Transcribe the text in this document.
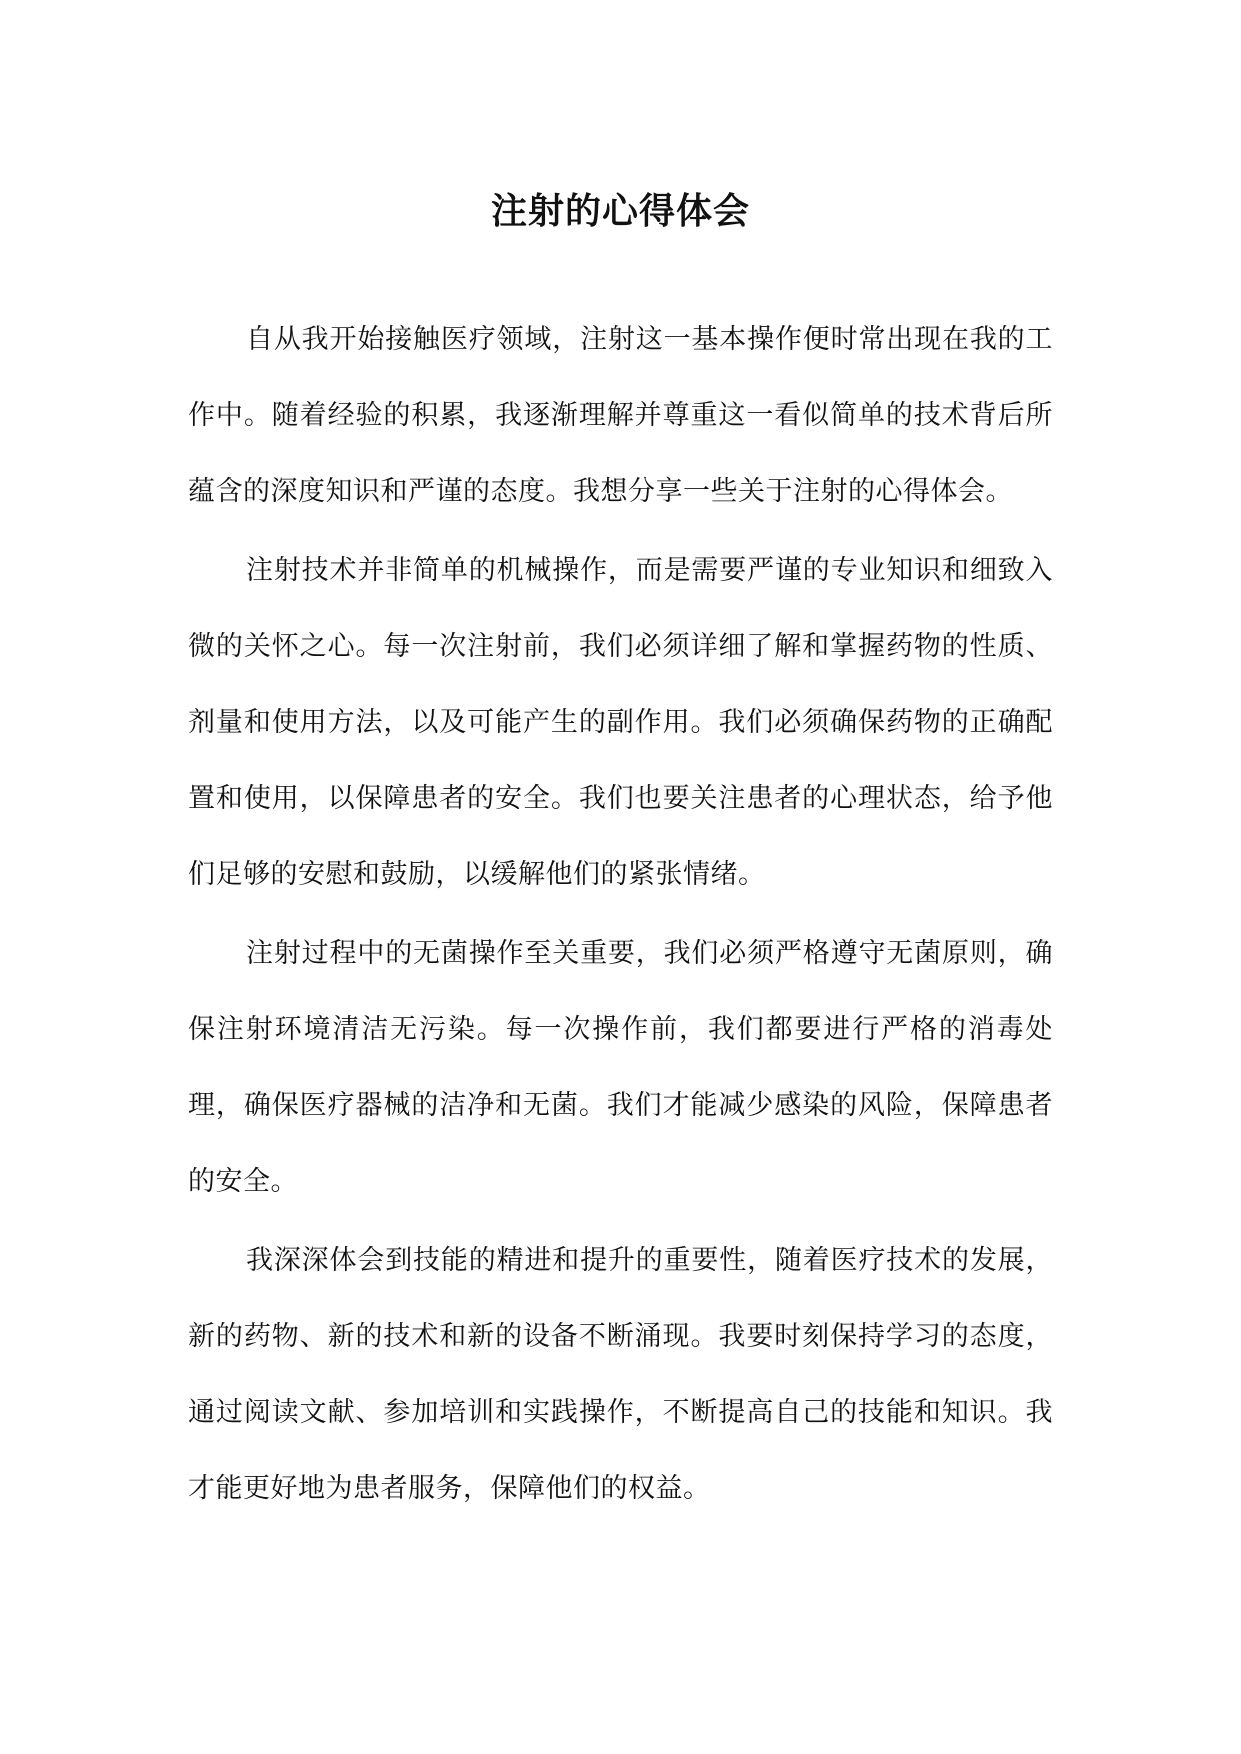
注射的心得体会

自从我开始接触医疗领域，注射这一基本操作便时常出现在我的工作中。随着经验的积累，我逐渐理解并尊重这一看似简单的技术背后所蕴含的深度知识和严谨的态度。我想分享一些关于注射的心得体会。

注射技术并非简单的机械操作，而是需要严谨的专业知识和细致入微的关怀之心。每一次注射前，我们必须详细了解和掌握药物的性质、剂量和使用方法，以及可能产生的副作用。我们必须确保药物的正确配置和使用，以保障患者的安全。我们也要关注患者的心理状态，给予他们足够的安慰和鼓励，以缓解他们的紧张情绪。

注射过程中的无菌操作至关重要，我们必须严格遵守无菌原则，确保注射环境清洁无污染。每一次操作前，我们都要进行严格的消毒处理，确保医疗器械的洁净和无菌。我们才能减少感染的风险，保障患者的安全。

我深深体会到技能的精进和提升的重要性，随着医疗技术的发展，新的药物、新的技术和新的设备不断涌现。我要时刻保持学习的态度，通过阅读文献、参加培训和实践操作，不断提高自己的技能和知识。我才能更好地为患者服务，保障他们的权益。
